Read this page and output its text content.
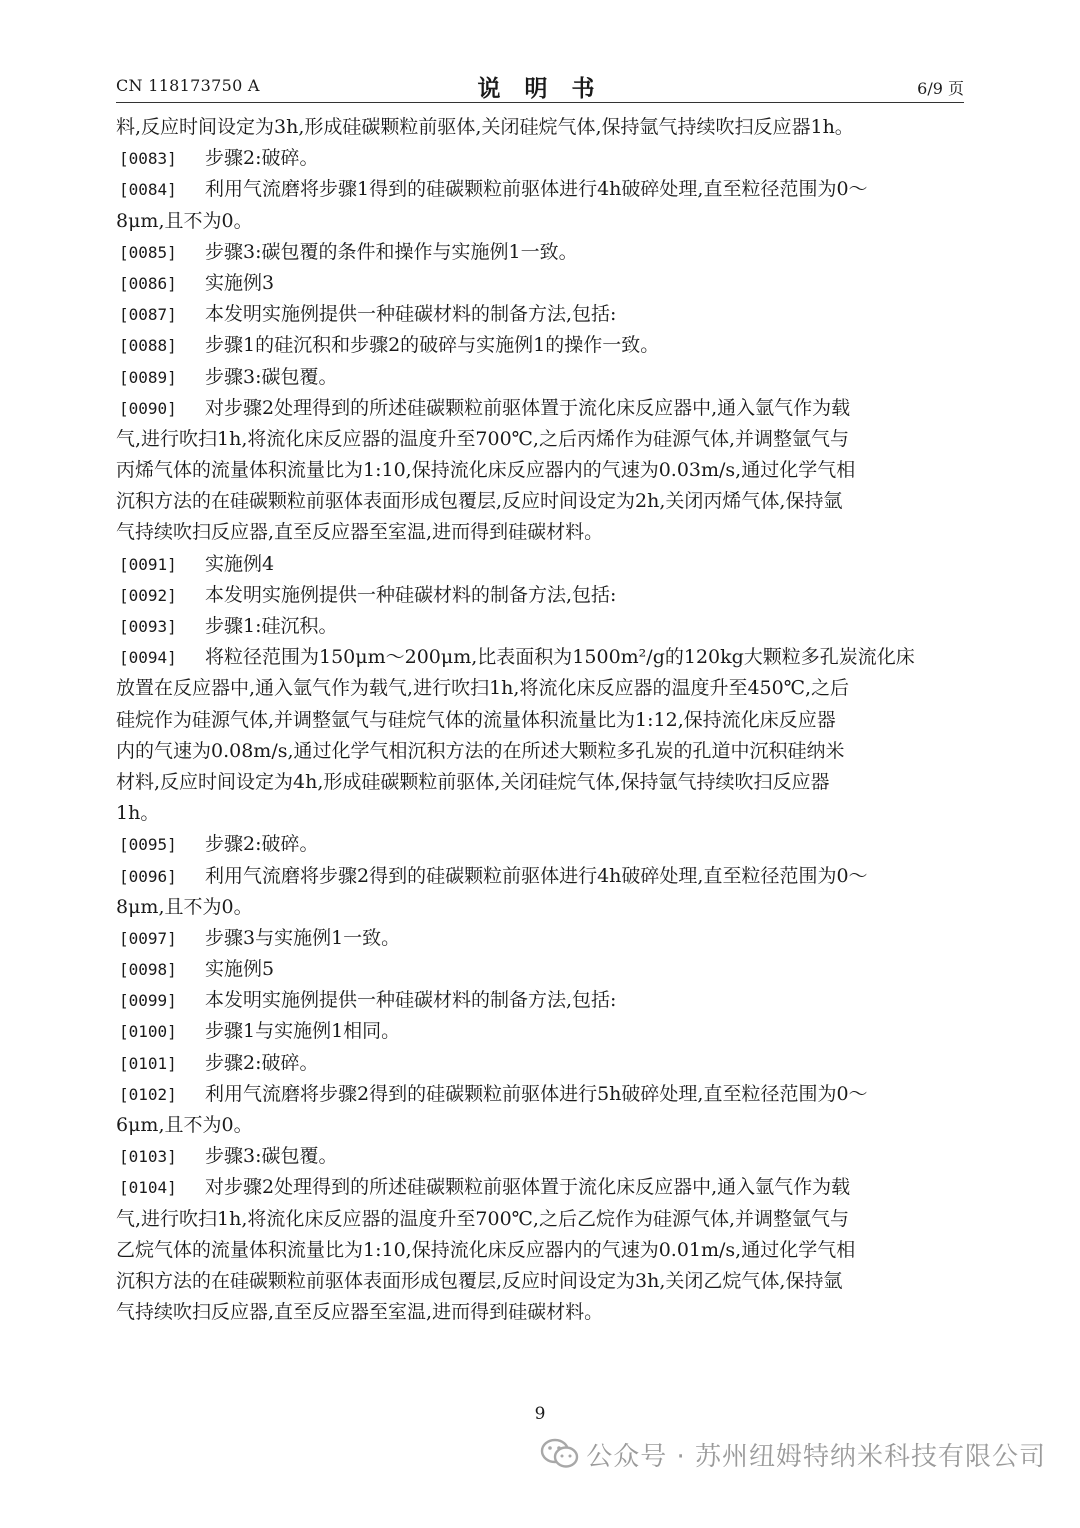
CN 118173750 A	说 明 书	6/9 页
料,反应时间设定为3h,形成硅碳颗粒前驱体,关闭硅烷气体,保持氩气持续吹扫反应器1h。
[0083] 步骤2:破碎。
[0084] 利用气流磨将步骤1得到的硅碳颗粒前驱体进行4h破碎处理,直至粒径范围为0～
8μm,且不为0。
[0085] 步骤3:碳包覆的条件和操作与实施例1一致。
[0086] 实施例3
[0087] 本发明实施例提供一种硅碳材料的制备方法,包括:
[0088] 步骤1的硅沉积和步骤2的破碎与实施例1的操作一致。
[0089] 步骤3:碳包覆。
[0090] 对步骤2处理得到的所述硅碳颗粒前驱体置于流化床反应器中,通入氩气作为载
气,进行吹扫1h,将流化床反应器的温度升至700℃,之后丙烯作为硅源气体,并调整氩气与
丙烯气体的流量体积流量比为1:10,保持流化床反应器内的气速为0.03m/s,通过化学气相
沉积方法的在硅碳颗粒前驱体表面形成包覆层,反应时间设定为2h,关闭丙烯气体,保持氩
气持续吹扫反应器,直至反应器至室温,进而得到硅碳材料。
[0091] 实施例4
[0092] 本发明实施例提供一种硅碳材料的制备方法,包括:
[0093] 步骤1:硅沉积。
[0094] 将粒径范围为150μm～200μm,比表面积为1500m²/g的120kg大颗粒多孔炭流化床
放置在反应器中,通入氩气作为载气,进行吹扫1h,将流化床反应器的温度升至450℃,之后
硅烷作为硅源气体,并调整氩气与硅烷气体的流量体积流量比为1:12,保持流化床反应器
内的气速为0.08m/s,通过化学气相沉积方法的在所述大颗粒多孔炭的孔道中沉积硅纳米
材料,反应时间设定为4h,形成硅碳颗粒前驱体,关闭硅烷气体,保持氩气持续吹扫反应器
1h。
[0095] 步骤2:破碎。
[0096] 利用气流磨将步骤2得到的硅碳颗粒前驱体进行4h破碎处理,直至粒径范围为0～
8μm,且不为0。
[0097] 步骤3与实施例1一致。
[0098] 实施例5
[0099] 本发明实施例提供一种硅碳材料的制备方法,包括:
[0100] 步骤1与实施例1相同。
[0101] 步骤2:破碎。
[0102] 利用气流磨将步骤2得到的硅碳颗粒前驱体进行5h破碎处理,直至粒径范围为0～
6μm,且不为0。
[0103] 步骤3:碳包覆。
[0104] 对步骤2处理得到的所述硅碳颗粒前驱体置于流化床反应器中,通入氩气作为载
气,进行吹扫1h,将流化床反应器的温度升至700℃,之后乙烷作为硅源气体,并调整氩气与
乙烷气体的流量体积流量比为1:10,保持流化床反应器内的气速为0.01m/s,通过化学气相
沉积方法的在硅碳颗粒前驱体表面形成包覆层,反应时间设定为3h,关闭乙烷气体,保持氩
气持续吹扫反应器,直至反应器至室温,进而得到硅碳材料。
9
公众号 · 苏州纽姆特纳米科技有限公司
